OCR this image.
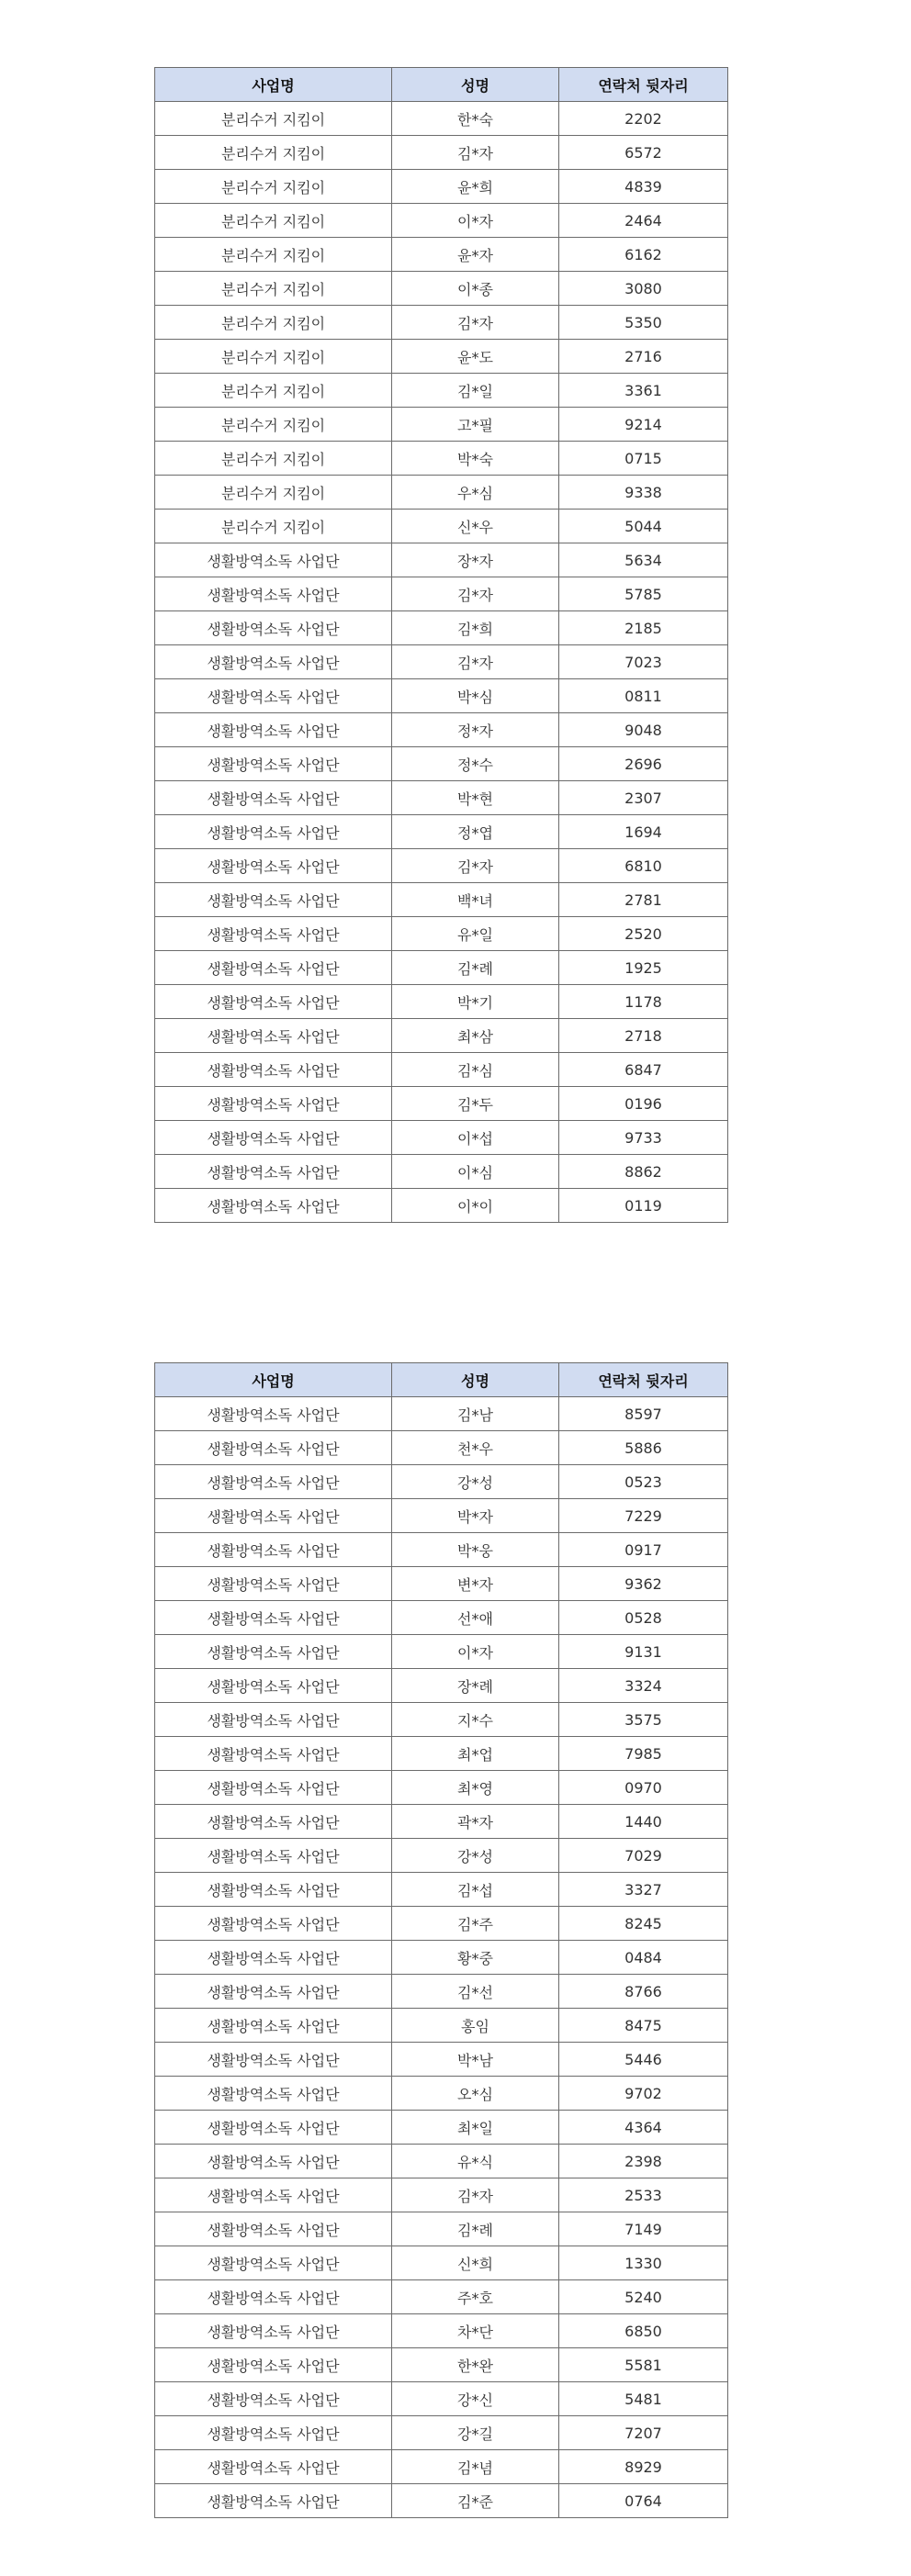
사업명	성명	연락처 뒷자리
분리수거 지킴이	한*숙	2202
분리수거 지킴이	김*자	6572
분리수거 지킴이	윤*희	4839
분리수거 지킴이	이*자	2464
분리수거 지킴이	윤*자	6162
분리수거 지킴이	이*종	3080
분리수거 지킴이	김*자	5350
분리수거 지킴이	윤*도	2716
분리수거 지킴이	김*일	3361
분리수거 지킴이	고*필	9214
분리수거 지킴이	박*숙	0715
분리수거 지킴이	우*심	9338
분리수거 지킴이	신*우	5044
생활방역소독 사업단	장*자	5634
생활방역소독 사업단	김*자	5785
생활방역소독 사업단	김*희	2185
생활방역소독 사업단	김*자	7023
생활방역소독 사업단	박*심	0811
생활방역소독 사업단	정*자	9048
생활방역소독 사업단	정*수	2696
생활방역소독 사업단	박*현	2307
생활방역소독 사업단	정*엽	1694
생활방역소독 사업단	김*자	6810
생활방역소독 사업단	백*녀	2781
생활방역소독 사업단	유*일	2520
생활방역소독 사업단	김*례	1925
생활방역소독 사업단	박*기	1178
생활방역소독 사업단	최*삼	2718
생활방역소독 사업단	김*심	6847
생활방역소독 사업단	김*두	0196
생활방역소독 사업단	이*섭	9733
생활방역소독 사업단	이*심	8862
생활방역소독 사업단	이*이	0119
사업명	성명	연락처 뒷자리
생활방역소독 사업단	김*남	8597
생활방역소독 사업단	천*우	5886
생활방역소독 사업단	강*성	0523
생활방역소독 사업단	박*자	7229
생활방역소독 사업단	박*웅	0917
생활방역소독 사업단	변*자	9362
생활방역소독 사업단	선*애	0528
생활방역소독 사업단	이*자	9131
생활방역소독 사업단	장*례	3324
생활방역소독 사업단	지*수	3575
생활방역소독 사업단	최*업	7985
생활방역소독 사업단	최*영	0970
생활방역소독 사업단	곽*자	1440
생활방역소독 사업단	강*성	7029
생활방역소독 사업단	김*섭	3327
생활방역소독 사업단	김*주	8245
생활방역소독 사업단	황*중	0484
생활방역소독 사업단	김*선	8766
생활방역소독 사업단	홍임	8475
생활방역소독 사업단	박*남	5446
생활방역소독 사업단	오*심	9702
생활방역소독 사업단	최*일	4364
생활방역소독 사업단	유*식	2398
생활방역소독 사업단	김*자	2533
생활방역소독 사업단	김*례	7149
생활방역소독 사업단	신*희	1330
생활방역소독 사업단	주*호	5240
생활방역소독 사업단	차*단	6850
생활방역소독 사업단	한*완	5581
생활방역소독 사업단	강*신	5481
생활방역소독 사업단	강*길	7207
생활방역소독 사업단	김*념	8929
생활방역소독 사업단	김*준	0764
